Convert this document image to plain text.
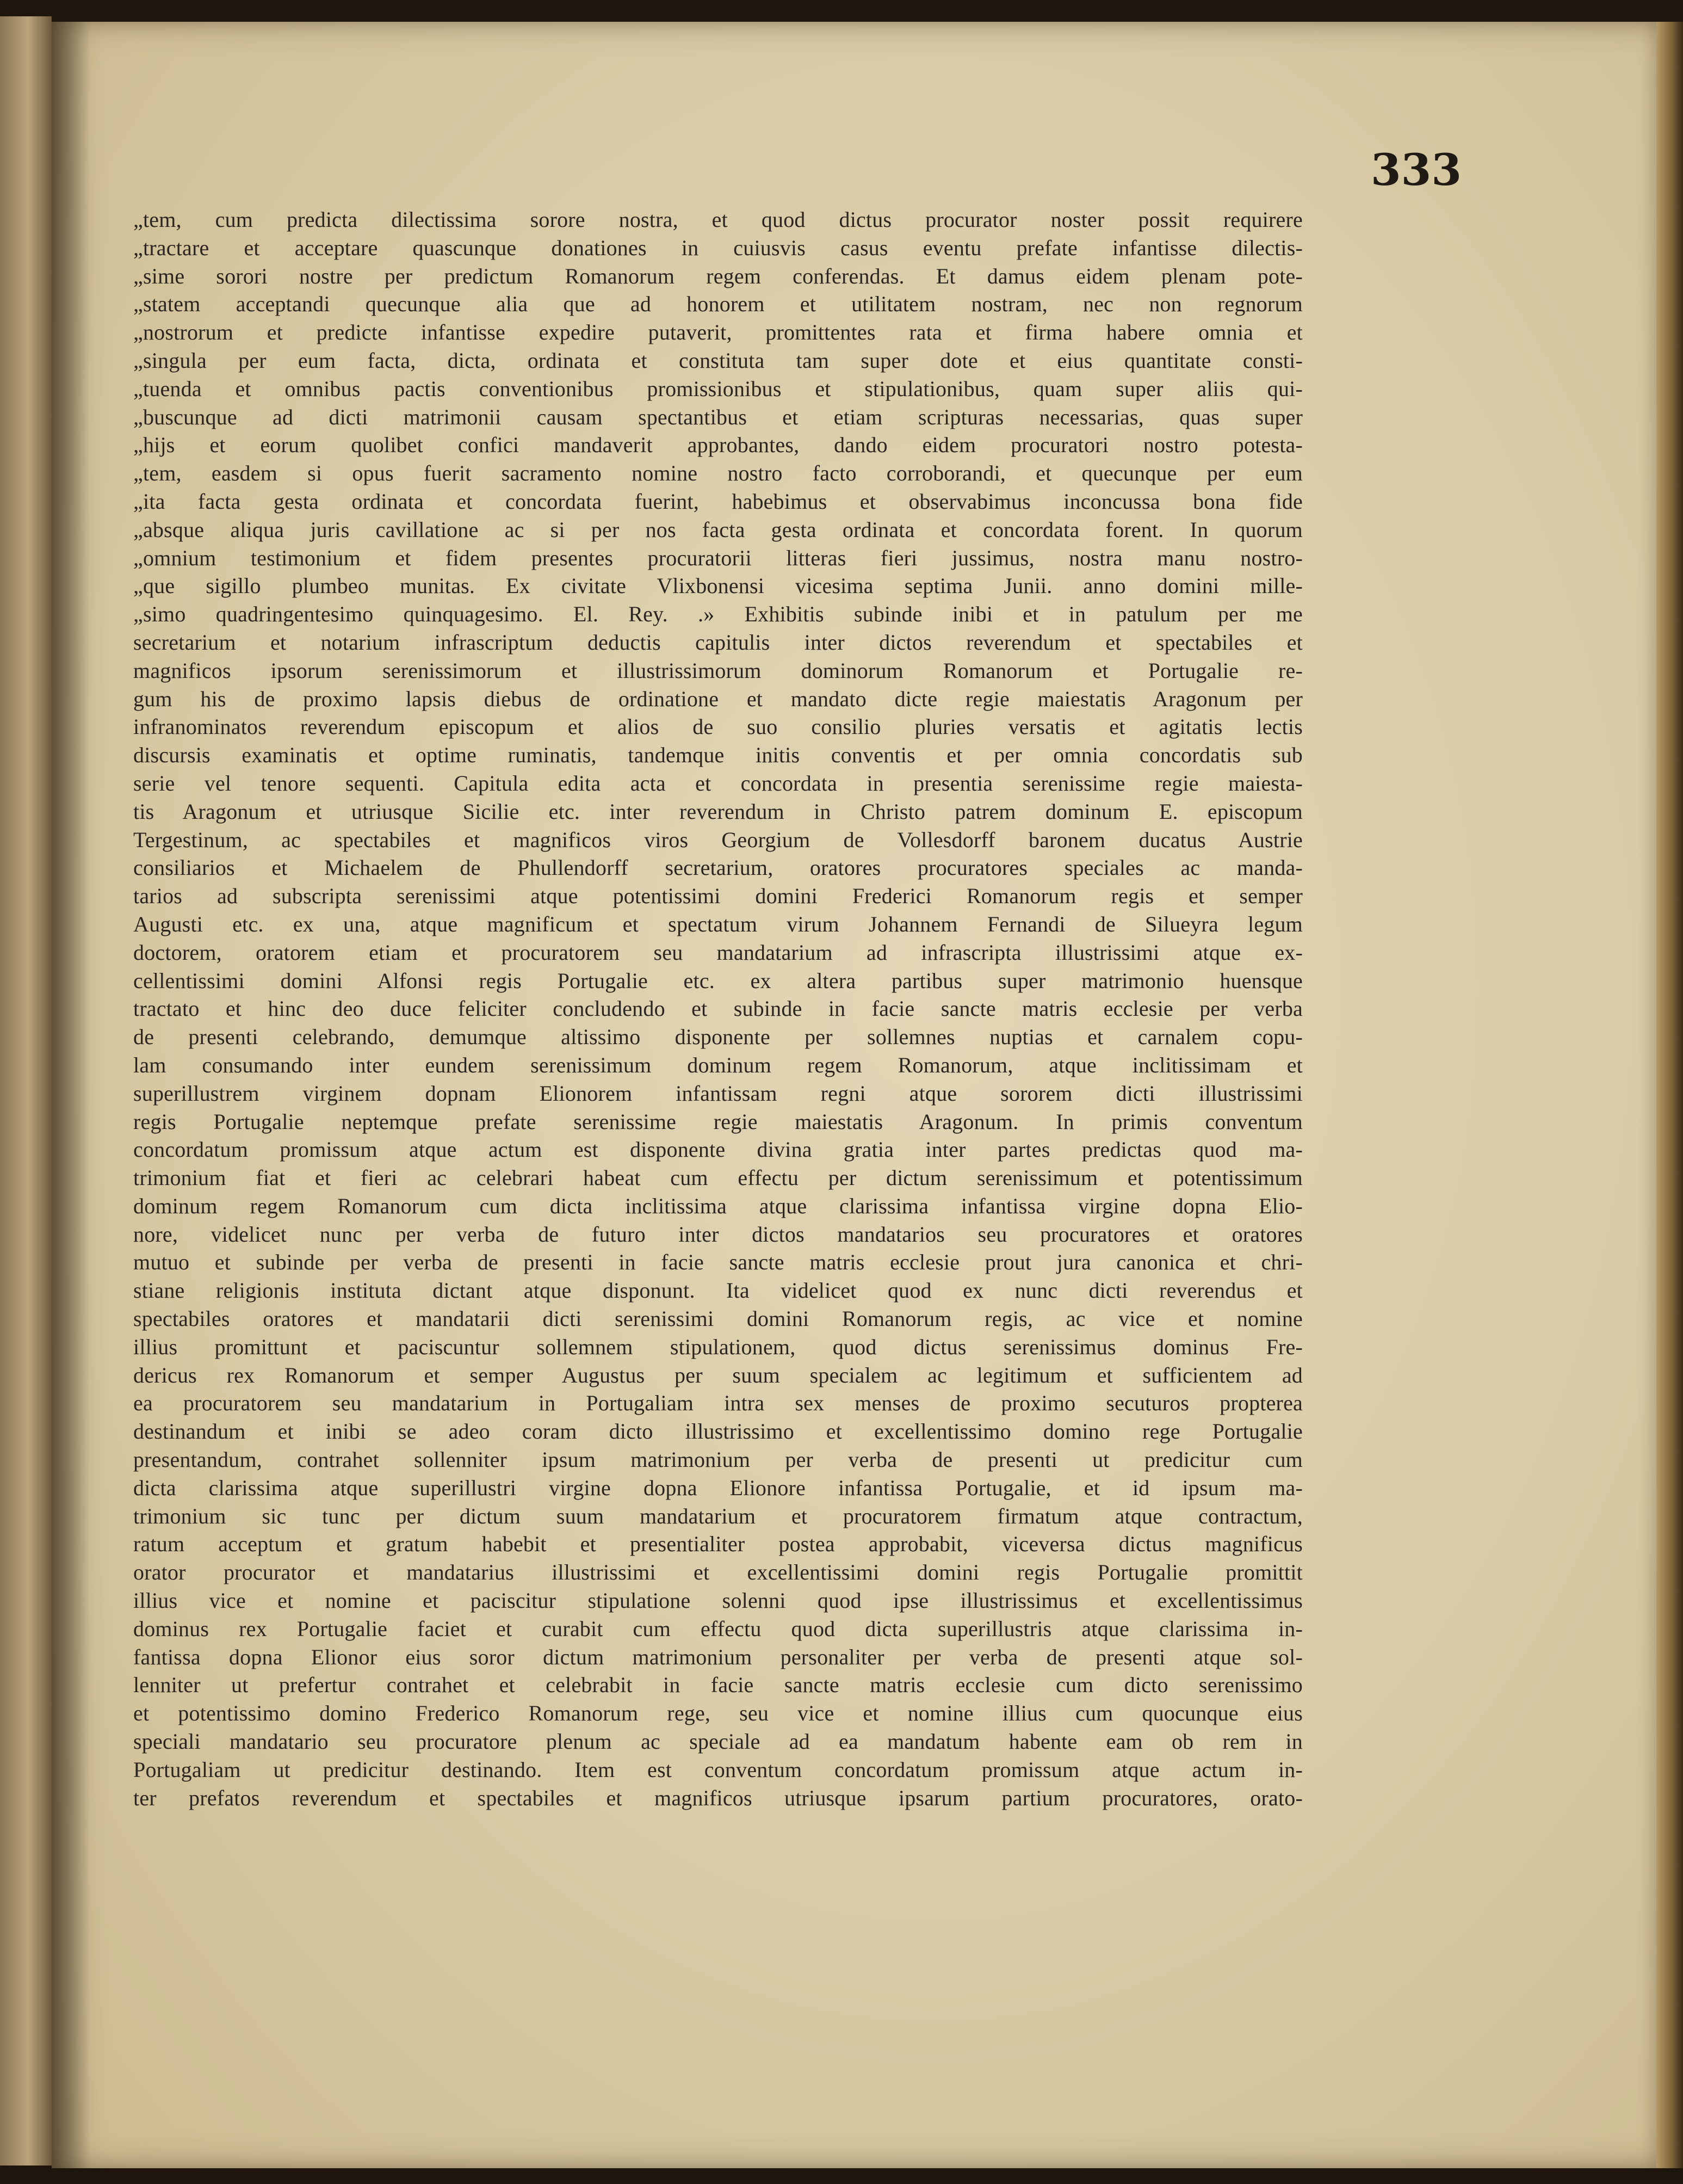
333

„tem, cum predicta dilectissima sorore nostra, et quod dictus procurator noster possit requirere
„tractare et acceptare quascunque donationes in cuiusvis casus eventu prefate infantisse dilectis-
„sime sorori nostre per predictum Romanorum regem conferendas. Et damus eidem plenam pote-
„statem acceptandi quecunque alia que ad honorem et utilitatem nostram, nec non regnorum
„nostrorum et predicte infantisse expedire putaverit, promittentes rata et firma habere omnia et
„singula per eum facta, dicta, ordinata et constituta tam super dote et eius quantitate consti-
„tuenda et omnibus pactis conventionibus promissionibus et stipulationibus, quam super aliis qui-
„buscunque ad dicti matrimonii causam spectantibus et etiam scripturas necessarias, quas super
„hijs et eorum quolibet confici mandaverit approbantes, dando eidem procuratori nostro potesta-
„tem, easdem si opus fuerit sacramento nomine nostro facto corroborandi, et quecunque per eum
„ita facta gesta ordinata et concordata fuerint, habebimus et observabimus inconcussa bona fide
„absque aliqua juris cavillatione ac si per nos facta gesta ordinata et concordata forent. In quorum
„omnium testimonium et fidem presentes procuratorii litteras fieri jussimus, nostra manu nostro-
„que sigillo plumbeo munitas. Ex civitate Vlixbonensi vicesima septima Junii. anno domini mille-
„simo quadringentesimo quinquagesimo. El. Rey. .» Exhibitis subinde inibi et in patulum per me
secretarium et notarium infrascriptum deductis capitulis inter dictos reverendum et spectabiles et
magnificos ipsorum serenissimorum et illustrissimorum dominorum Romanorum et Portugalie re-
gum his de proximo lapsis diebus de ordinatione et mandato dicte regie maiestatis Aragonum per
infranominatos reverendum episcopum et alios de suo consilio pluries versatis et agitatis lectis
discursis examinatis et optime ruminatis, tandemque initis conventis et per omnia concordatis sub
serie vel tenore sequenti. Capitula edita acta et concordata in presentia serenissime regie maiesta-
tis Aragonum et utriusque Sicilie etc. inter reverendum in Christo patrem dominum E. episcopum
Tergestinum, ac spectabiles et magnificos viros Georgium de Vollesdorff baronem ducatus Austrie
consiliarios et Michaelem de Phullendorff secretarium, oratores procuratores speciales ac manda-
tarios ad subscripta serenissimi atque potentissimi domini Frederici Romanorum regis et semper
Augusti etc. ex una, atque magnificum et spectatum virum Johannem Fernandi de Silueyra legum
doctorem, oratorem etiam et procuratorem seu mandatarium ad infrascripta illustrissimi atque ex-
cellentissimi domini Alfonsi regis Portugalie etc. ex altera partibus super matrimonio huensque
tractato et hinc deo duce feliciter concludendo et subinde in facie sancte matris ecclesie per verba
de presenti celebrando, demumque altissimo disponente per sollemnes nuptias et carnalem copu-
lam consumando inter eundem serenissimum dominum regem Romanorum, atque inclitissimam et
superillustrem virginem dopnam Elionorem infantissam regni atque sororem dicti illustrissimi
regis Portugalie neptemque prefate serenissime regie maiestatis Aragonum. In primis conventum
concordatum promissum atque actum est disponente divina gratia inter partes predictas quod ma-
trimonium fiat et fieri ac celebrari habeat cum effectu per dictum serenissimum et potentissimum
dominum regem Romanorum cum dicta inclitissima atque clarissima infantissa virgine dopna Elio-
nore, videlicet nunc per verba de futuro inter dictos mandatarios seu procuratores et oratores
mutuo et subinde per verba de presenti in facie sancte matris ecclesie prout jura canonica et chri-
stiane religionis instituta dictant atque disponunt. Ita videlicet quod ex nunc dicti reverendus et
spectabiles oratores et mandatarii dicti serenissimi domini Romanorum regis, ac vice et nomine
illius promittunt et paciscuntur sollemnem stipulationem, quod dictus serenissimus dominus Fre-
dericus rex Romanorum et semper Augustus per suum specialem ac legitimum et sufficientem ad
ea procuratorem seu mandatarium in Portugaliam intra sex menses de proximo secuturos propterea
destinandum et inibi se adeo coram dicto illustrissimo et excellentissimo domino rege Portugalie
presentandum, contrahet sollenniter ipsum matrimonium per verba de presenti ut predicitur cum
dicta clarissima atque superillustri virgine dopna Elionore infantissa Portugalie, et id ipsum ma-
trimonium sic tunc per dictum suum mandatarium et procuratorem firmatum atque contractum,
ratum acceptum et gratum habebit et presentialiter postea approbabit, viceversa dictus magnificus
orator procurator et mandatarius illustrissimi et excellentissimi domini regis Portugalie promittit
illius vice et nomine et paciscitur stipulatione solenni quod ipse illustrissimus et excellentissimus
dominus rex Portugalie faciet et curabit cum effectu quod dicta superillustris atque clarissima in-
fantissa dopna Elionor eius soror dictum matrimonium personaliter per verba de presenti atque sol-
lenniter ut prefertur contrahet et celebrabit in facie sancte matris ecclesie cum dicto serenissimo
et potentissimo domino Frederico Romanorum rege, seu vice et nomine illius cum quocunque eius
speciali mandatario seu procuratore plenum ac speciale ad ea mandatum habente eam ob rem in
Portugaliam ut predicitur destinando. Item est conventum concordatum promissum atque actum in-
ter prefatos reverendum et spectabiles et magnificos utriusque ipsarum partium procuratores, orato-
